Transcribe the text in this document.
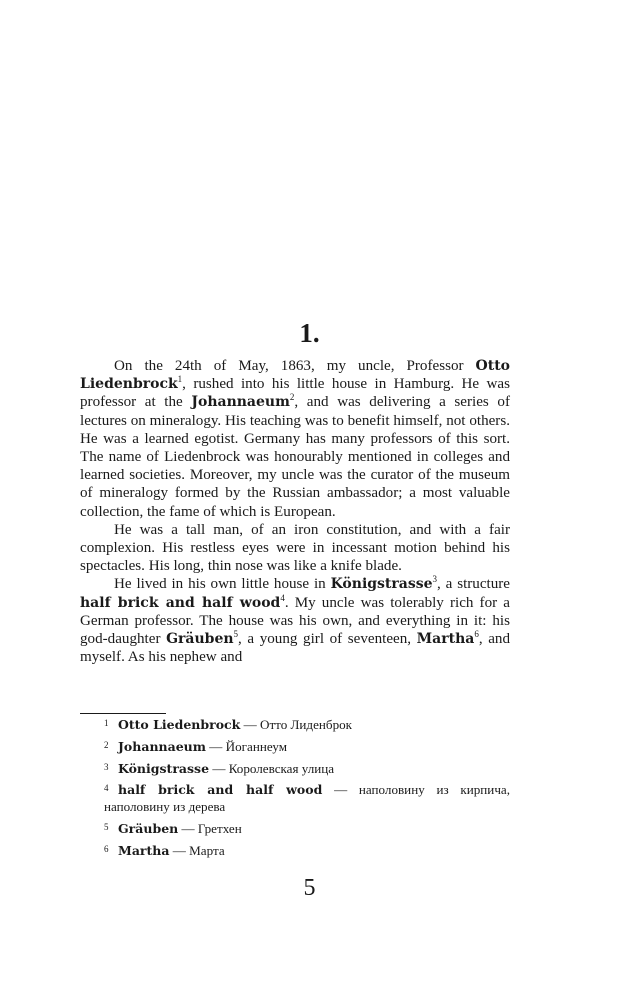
1.

On the 24th of May, 1863, my uncle, Professor Otto Liedenbrock$^1$, rushed into his little house in Hamburg. He was professor at the Johannaeum$^2$, and was delivering a series of lectures on mineralogy. His teaching was to benefit himself, not others. He was a learned egotist. Germany has many professors of this sort. The name of Liedenbrock was honourably mentioned in colleges and learned societies. Moreover, my uncle was the curator of the museum of mineralogy formed by the Russian ambassador; a most valuable collection, the fame of which is European.

He was a tall man, of an iron constitution, and with a fair complexion. His restless eyes were in incessant motion behind his spectacles. His long, thin nose was like a knife blade.

He lived in his own little house in Königstrasse$^3$, a structure half brick and half wood$^4$. My uncle was tolerably rich for a German professor. The house was his own, and everything in it: his god-daughter Gräuben$^5$, a young girl of seventeen, Martha$^6$, and myself. As his nephew and

1 Otto Liedenbrock — Отто Лиденброк
2 Johannaeum — Йоганнеум
3 Königstrasse — Королевская улица
4 half brick and half wood — наполовину из кирпича, наполовину из дерева
5 Gräuben — Гретхен
6 Martha — Марта
5
